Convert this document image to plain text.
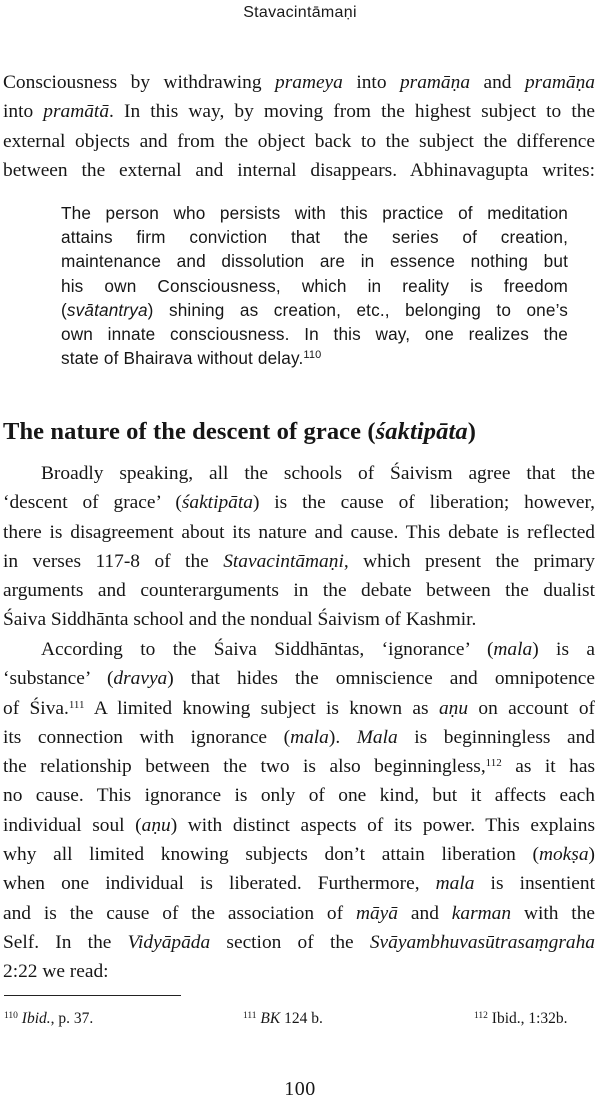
Stavacintāmaṇi
Consciousness by withdrawing prameya into pramāṇa and pramāṇa
into pramātā. In this way, by moving from the highest subject to the
external objects and from the object back to the subject the difference
between the external and internal disappears. Abhinavagupta writes:
The person who persists with this practice of meditation
attains firm conviction that the series of creation,
maintenance and dissolution are in essence nothing but
his own Consciousness, which in reality is freedom
(svātantrya) shining as creation, etc., belonging to one’s
own innate consciousness. In this way, one realizes the
state of Bhairava without delay.$^{110}$
The nature of the descent of grace (śaktipāta)
Broadly speaking, all the schools of Śaivism agree that the
‘descent of grace’ (śaktipāta) is the cause of liberation; however,
there is disagreement about its nature and cause. This debate is reflected
in verses 117-8 of the Stavacintāmaṇi, which present the primary
arguments and counterarguments in the debate between the dualist
Śaiva Siddhānta school and the nondual Śaivism of Kashmir.
According to the Śaiva Siddhāntas, ‘ignorance’ (mala) is a
‘substance’ (dravya) that hides the omniscience and omnipotence
of Śiva.$^{111}$ A limited knowing subject is known as aṇu on account of
its connection with ignorance (mala). Mala is beginningless and
the relationship between the two is also beginningless,$^{112}$ as it has
no cause. This ignorance is only of one kind, but it affects each
individual soul (aṇu) with distinct aspects of its power. This explains
why all limited knowing subjects don’t attain liberation (mokṣa)
when one individual is liberated. Furthermore, mala is insentient
and is the cause of the association of māyā and karman with the
Self. In the Vidyāpāda section of the Svāyambhuvasūtrasaṃgraha
2:22 we read:
$^{110}$ Ibid., p. 37.	$^{111}$ BK 124 b.	$^{112}$ Ibid., 1:32b.
100
